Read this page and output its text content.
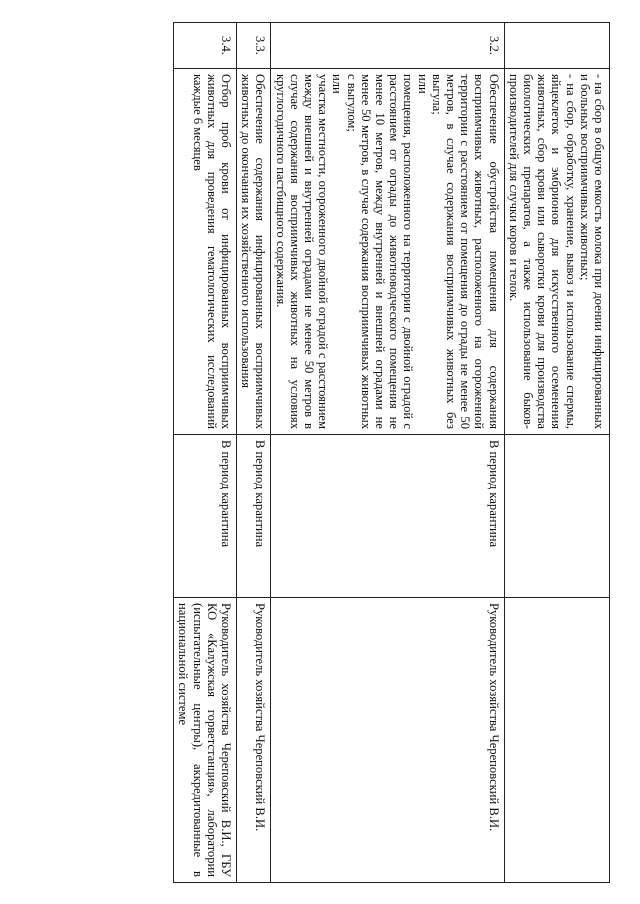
	- на сбор в общую емкость молока при доении инфицированных и больных восприимчивых животных;
- на сбор, обработку, хранение, вывоз и использование спермы, яйцеклеток и эмбрионов для искусственного осеменения животных, сбор крови или сыворотки крови для производства биологических препаратов, а также использование быков-производителей для случки коров и телок.		

3.2.	Обеспечение обустройства помещения для содержания восприимчивых животных, расположенного на огороженной территории с расстоянием от помещения до ограды не менее 50 метров, в случае содержания восприимчивых животных без выгула;
или
помещения, расположенного на территории с двойной оградой с расстоянием от ограды до животноводческого помещения не менее 10 метров, между внутренней и внешней оградами не менее 50 метров, в случае содержания восприимчивых животных с выгулом;
или
участка местности, огороженного двойной оградой с расстоянием между внешней и внутренней оградами не менее 50 метров в случае содержания восприимчивых животных на условиях круглогодичного пастбищного содержания.	В период карантина	Руководитель хозяйства Череповский В.И.
3.3.	Обеспечение содержания инфицированных восприимчивых животных до окончания их хозяйственного использования	В период карантина	Руководитель хозяйства Череповский В.И.
3.4.	Отбор проб крови от инфицированных восприимчивых животных для проведения гематологических исследований каждые 6 месяцев	В период карантина	Руководитель хозяйства Череповский В.И., ГБУ КО «Калужская горветстанция», лаборатории (испытательные центры), аккредитованные в национальной системе
